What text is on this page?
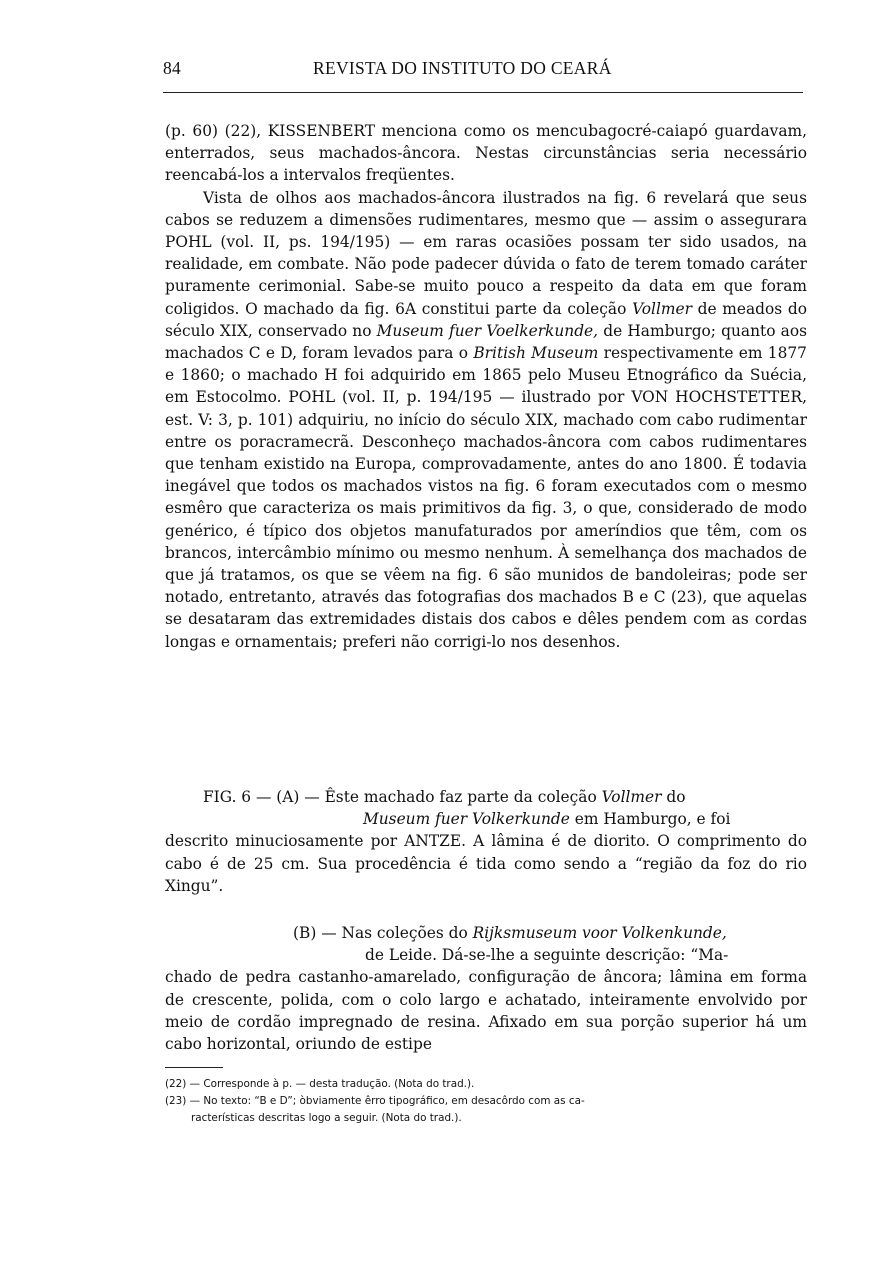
84	REVISTA DO INSTITUTO DO CEARÁ

(p. 60) (22), KISSENBERT menciona como os mencubagocré-caiapó guardavam, enterrados, seus machados-âncora. Nestas circunstâncias seria necessário reencabá-los a intervalos freqüentes.

Vista de olhos aos machados-âncora ilustrados na fig. 6 revelará que seus cabos se reduzem a dimensões rudimentares, mesmo que — assim o assegurara POHL (vol. II, ps. 194/195) — em raras ocasiões possam ter sido usados, na realidade, em combate. Não pode padecer dúvida o fato de terem tomado caráter puramente cerimonial. Sabe-se muito pouco a respeito da data em que foram coligidos. O machado da fig. 6A constitui parte da coleção Vollmer de meados do século XIX, conservado no Museum fuer Voelkerkunde, de Hamburgo; quanto aos machados C e D, foram levados para o British Museum respectivamente em 1877 e 1860; o machado H foi adquirido em 1865 pelo Museu Etnográfico da Suécia, em Estocolmo. POHL (vol. II, p. 194/195 — ilustrado por VON HOCHSTETTER, est. V: 3, p. 101) adquiriu, no início do século XIX, machado com cabo rudimentar entre os poracramecrã. Desconheço machados-âncora com cabos rudimentares que tenham existido na Europa, comprovadamente, antes do ano 1800. É todavia inegável que todos os machados vistos na fig. 6 foram executados com o mesmo esmêro que caracteriza os mais primitivos da fig. 3, o que, considerado de modo genérico, é típico dos objetos manufaturados por ameríndios que têm, com os brancos, intercâmbio mínimo ou mesmo nenhum. À semelhança dos machados de que já tratamos, os que se vêem na fig. 6 são munidos de bandoleiras; pode ser notado, entretanto, através das fotografias dos machados B e C (23), que aquelas se desataram das extremidades distais dos cabos e dêles pendem com as cordas longas e ornamentais; preferi não corrigi-lo nos desenhos.

FIG. 6 — (A) — Êste machado faz parte da coleção Vollmer do
Museum fuer Volkerkunde em Hamburgo, e foi

descrito minuciosamente por ANTZE. A lâmina é de diorito. O comprimento do cabo é de 25 cm. Sua procedência é tida como sendo a “região da foz do rio Xingu”.

(B) — Nas coleções do Rijksmuseum voor Volkenkunde,
de Leide. Dá-se-lhe a seguinte descrição: “Ma-

chado de pedra castanho-amarelado, configuração de âncora; lâmina em forma de crescente, polida, com o colo largo e achatado, inteiramente envolvido por meio de cordão impregnado de resina. Afixado em sua porção superior há um cabo horizontal, oriundo de estipe

(22) — Corresponde à p. — desta tradução. (Nota do trad.).

(23) — No texto: “B e D”; òbviamente êrro tipográfico, em desacôrdo com as ca-

racterísticas descritas logo a seguir. (Nota do trad.).
